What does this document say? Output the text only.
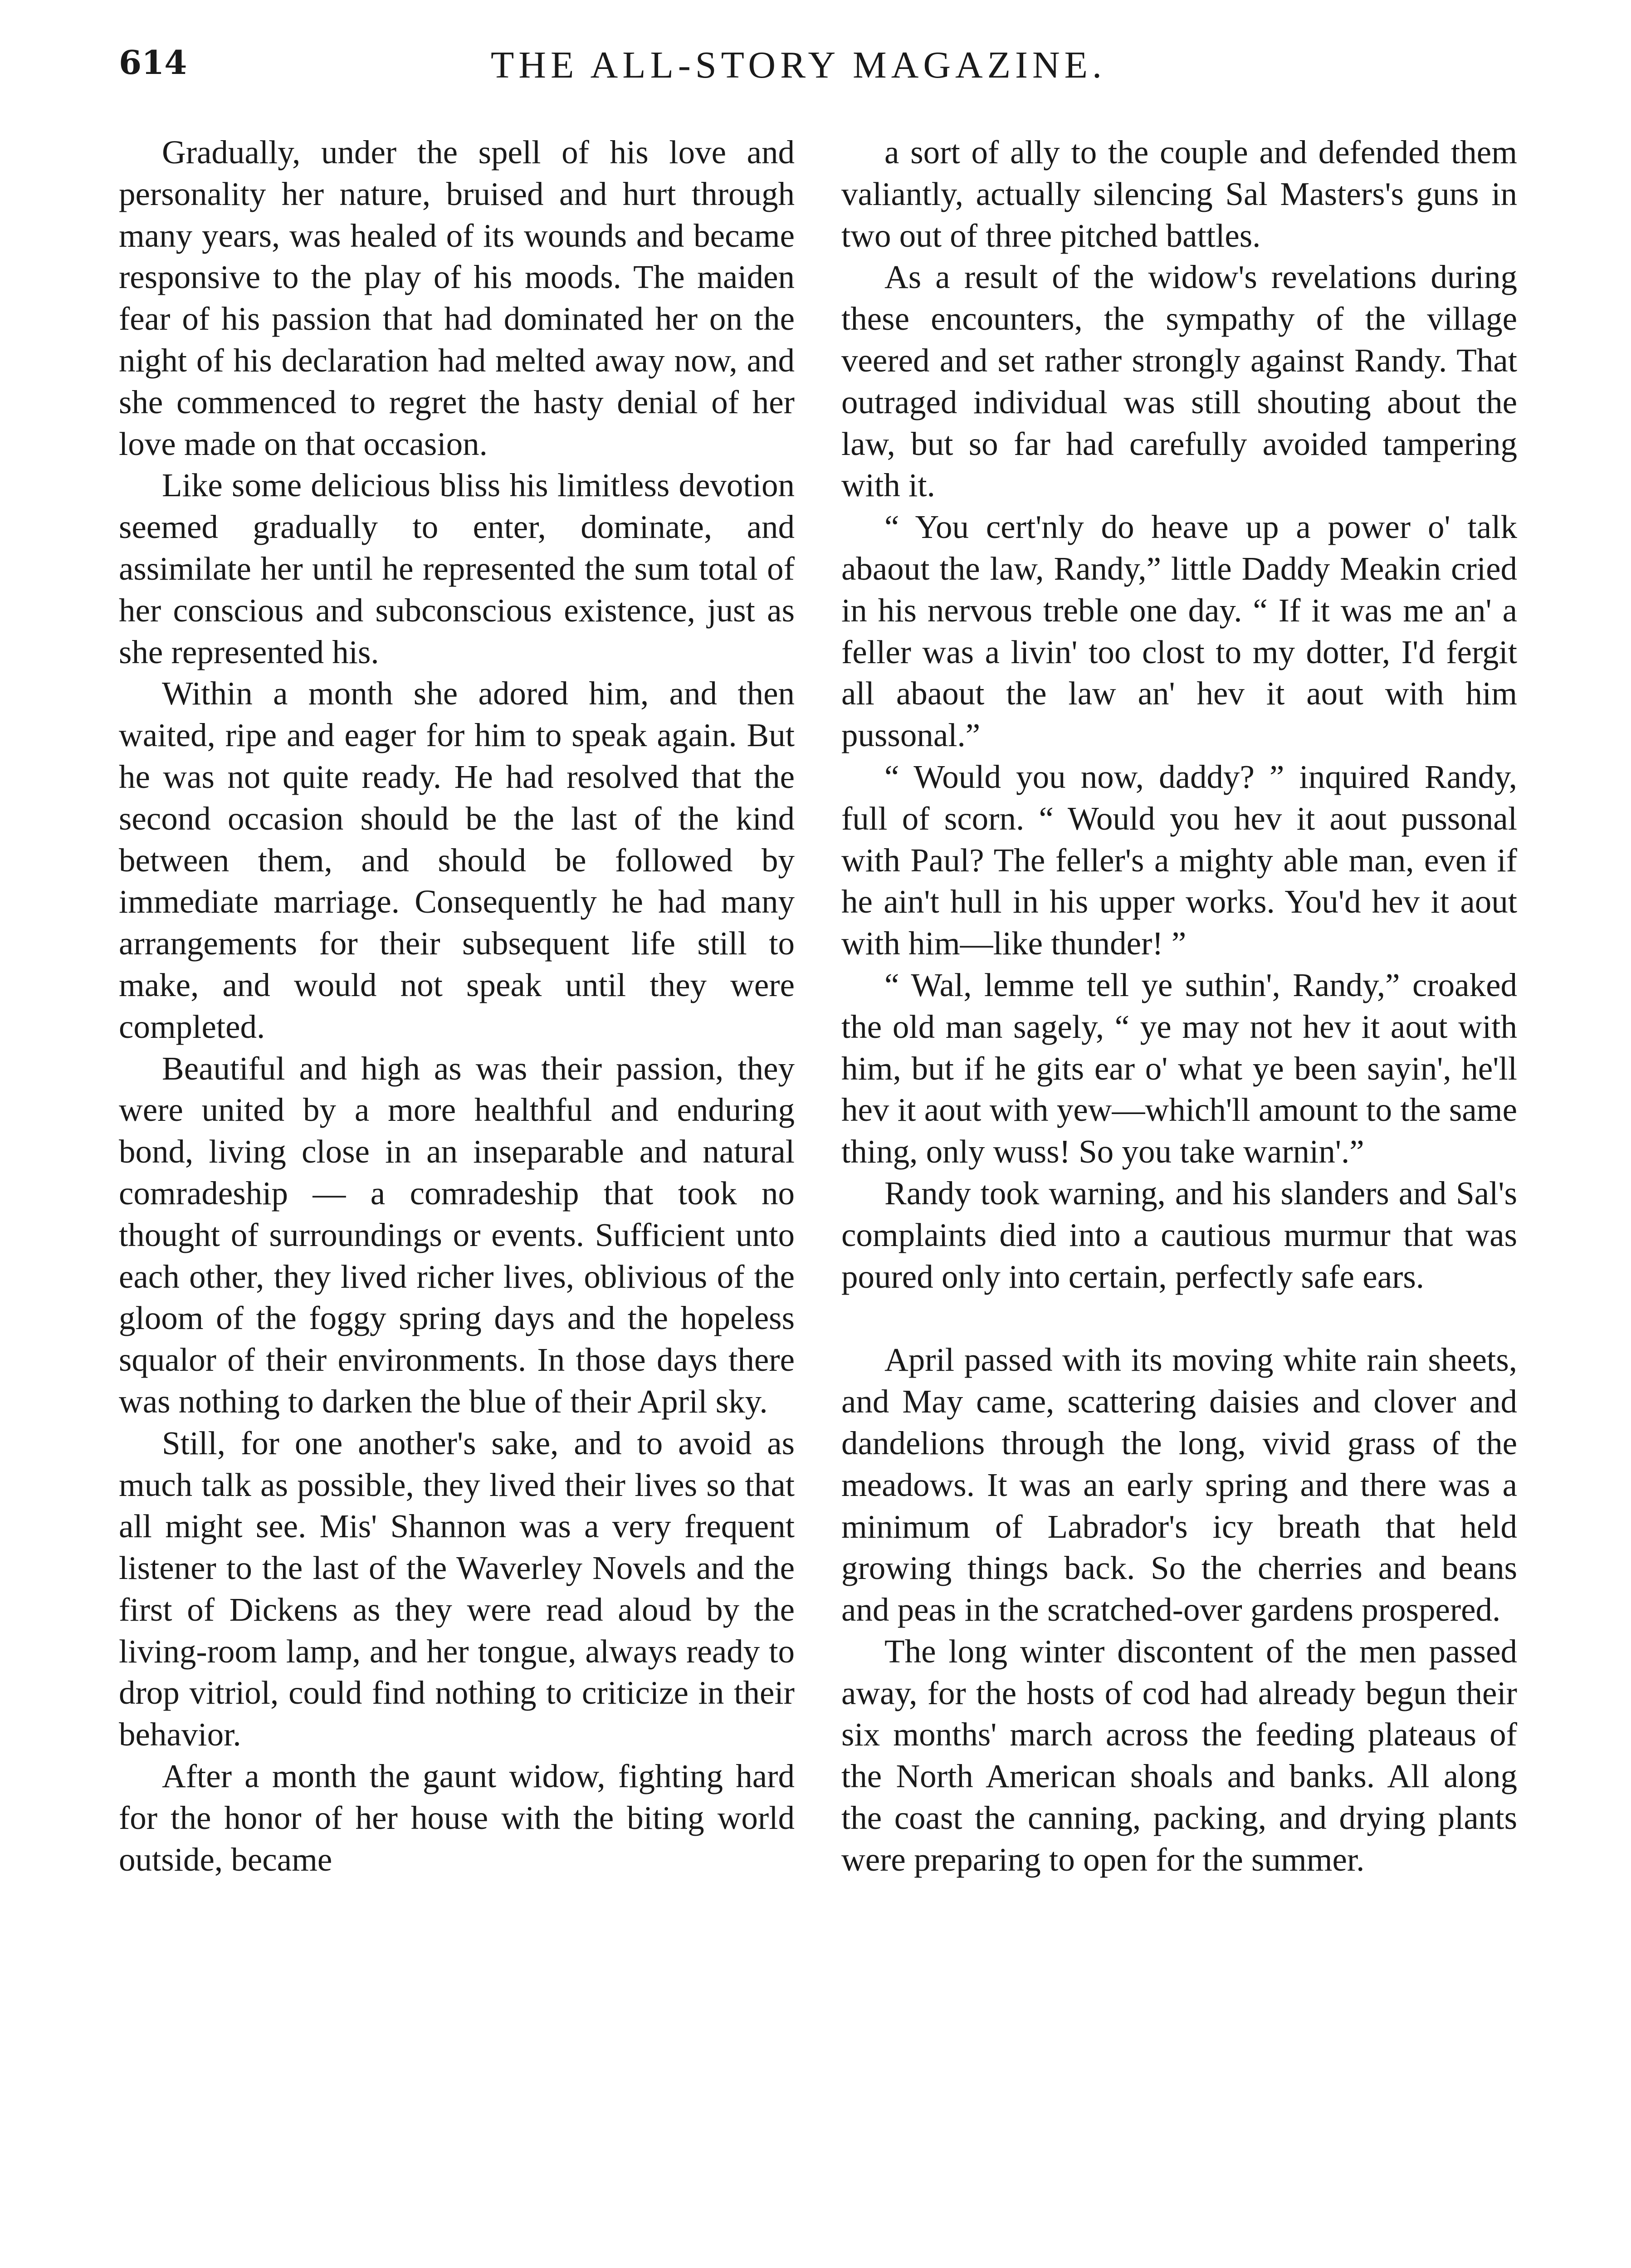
614	THE ALL-STORY MAGAZINE.

Gradually, under the spell of his love and personality her nature, bruised and hurt through many years, was healed of its wounds and became responsive to the play of his moods. The maiden fear of his passion that had dominated her on the night of his declaration had melted away now, and she commenced to regret the hasty denial of her love made on that occasion.

Like some delicious bliss his limitless devotion seemed gradually to enter, dominate, and assimilate her until he represented the sum total of her conscious and subconscious existence, just as she represented his.

Within a month she adored him, and then waited, ripe and eager for him to speak again. But he was not quite ready. He had resolved that the second occasion should be the last of the kind between them, and should be followed by immediate marriage. Consequently he had many arrangements for their subsequent life still to make, and would not speak until they were completed.

Beautiful and high as was their passion, they were united by a more healthful and enduring bond, living close in an inseparable and natural comradeship — a comradeship that took no thought of surroundings or events. Sufficient unto each other, they lived richer lives, oblivious of the gloom of the foggy spring days and the hopeless squalor of their environments. In those days there was nothing to darken the blue of their April sky.

Still, for one another's sake, and to avoid as much talk as possible, they lived their lives so that all might see. Mis' Shannon was a very frequent listener to the last of the Waverley Novels and the first of Dickens as they were read aloud by the living-room lamp, and her tongue, always ready to drop vitriol, could find nothing to criticize in their behavior.

After a month the gaunt widow, fighting hard for the honor of her house with the biting world outside, became

a sort of ally to the couple and defended them valiantly, actually silencing Sal Masters's guns in two out of three pitched battles.

As a result of the widow's revelations during these encounters, the sympathy of the village veered and set rather strongly against Randy. That outraged individual was still shouting about the law, but so far had carefully avoided tampering with it.

“ You cert'nly do heave up a power o' talk abaout the law, Randy,” little Daddy Meakin cried in his nervous treble one day. “ If it was me an' a feller was a livin' too clost to my dotter, I'd fergit all abaout the law an' hev it aout with him pussonal.”

“ Would you now, daddy? ” inquired Randy, full of scorn. “ Would you hev it aout pussonal with Paul? The feller's a mighty able man, even if he ain't hull in his upper works. You'd hev it aout with him—like thunder! ”

“ Wal, lemme tell ye suthin', Randy,” croaked the old man sagely, “ ye may not hev it aout with him, but if he gits ear o' what ye been sayin', he'll hev it aout with yew—which'll amount to the same thing, only wuss! So you take warnin'.”

Randy took warning, and his slanders and Sal's complaints died into a cautious murmur that was poured only into certain, perfectly safe ears.

April passed with its moving white rain sheets, and May came, scattering daisies and clover and dandelions through the long, vivid grass of the meadows. It was an early spring and there was a minimum of Labrador's icy breath that held growing things back. So the cherries and beans and peas in the scratched-over gardens prospered.

The long winter discontent of the men passed away, for the hosts of cod had already begun their six months' march across the feeding plateaus of the North American shoals and banks. All along the coast the canning, packing, and drying plants were preparing to open for the summer.
